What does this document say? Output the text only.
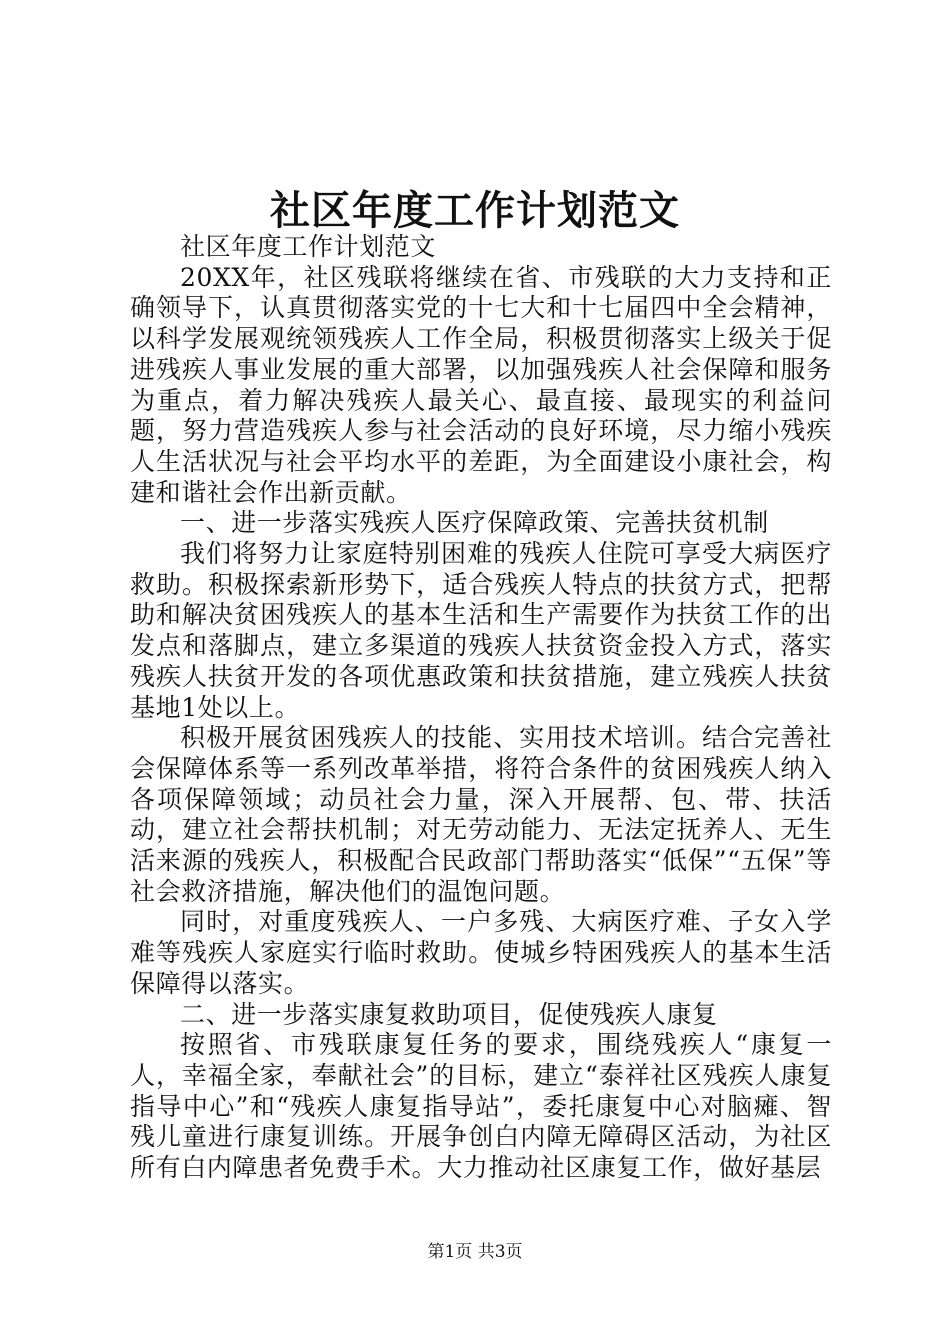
社区年度工作计划范文

社区年度工作计划范文

20XX年，社区残联将继续在省、市残联的大力支持和正确领导下，认真贯彻落实党的十七大和十七届四中全会精神，以科学发展观统领残疾人工作全局，积极贯彻落实上级关于促进残疾人事业发展的重大部署，以加强残疾人社会保障和服务为重点，着力解决残疾人最关心、最直接、最现实的利益问题，努力营造残疾人参与社会活动的良好环境，尽力缩小残疾人生活状况与社会平均水平的差距，为全面建设小康社会，构建和谐社会作出新贡献。

一、进一步落实残疾人医疗保障政策、完善扶贫机制

我们将努力让家庭特别困难的残疾人住院可享受大病医疗救助。积极探索新形势下，适合残疾人特点的扶贫方式，把帮助和解决贫困残疾人的基本生活和生产需要作为扶贫工作的出发点和落脚点，建立多渠道的残疾人扶贫资金投入方式，落实残疾人扶贫开发的各项优惠政策和扶贫措施，建立残疾人扶贫基地1处以上。

积极开展贫困残疾人的技能、实用技术培训。结合完善社会保障体系等一系列改革举措，将符合条件的贫困残疾人纳入各项保障领域；动员社会力量，深入开展帮、包、带、扶活动，建立社会帮扶机制；对无劳动能力、无法定抚养人、无生活来源的残疾人，积极配合民政部门帮助落实“低保”“五保”等社会救济措施，解决他们的温饱问题。

同时，对重度残疾人、一户多残、大病医疗难、子女入学难等残疾人家庭实行临时救助。使城乡特困残疾人的基本生活保障得以落实。

二、进一步落实康复救助项目，促使残疾人康复

按照省、市残联康复任务的要求，围绕残疾人“康复一人，幸福全家，奉献社会”的目标，建立“泰祥社区残疾人康复指导中心”和“残疾人康复指导站”，委托康复中心对脑瘫、智残儿童进行康复训练。开展争创白内障无障碍区活动，为社区所有白内障患者免费手术。大力推动社区康复工作，做好基层

第1页 共3页
